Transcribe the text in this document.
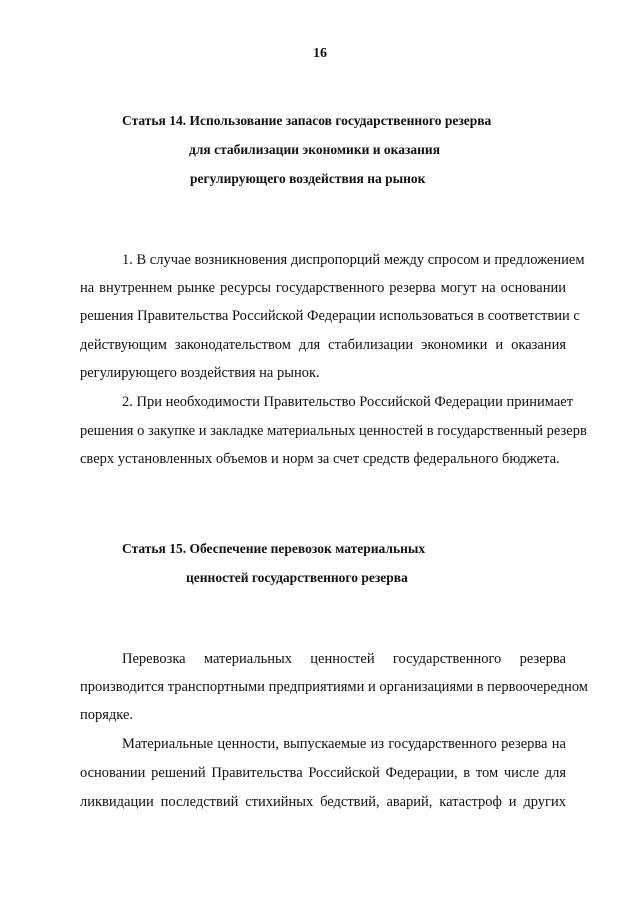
16
Статья 14. Использование запасов государственного резерва
для стабилизации экономики и оказания
регулирующего воздействия на рынок
1. В случае возникновения диспропорций между спросом и предложением
на внутреннем рынке ресурсы государственного резерва могут на основании
решения Правительства Российской Федерации использоваться в соответствии с
действующим законодательством для стабилизации экономики и оказания
регулирующего воздействия на рынок.
2. При необходимости Правительство Российской Федерации принимает
решения о закупке и закладке материальных ценностей в государственный резерв
сверх установленных объемов и норм за счет средств федерального бюджета.
Статья 15. Обеспечение перевозок материальных
ценностей государственного резерва
Перевозка материальных ценностей государственного резерва
производится транспортными предприятиями и организациями в первоочередном
порядке.
Материальные ценности, выпускаемые из государственного резерва на
основании решений Правительства Российской Федерации, в том числе для
ликвидации последствий стихийных бедствий, аварий, катастроф и других
